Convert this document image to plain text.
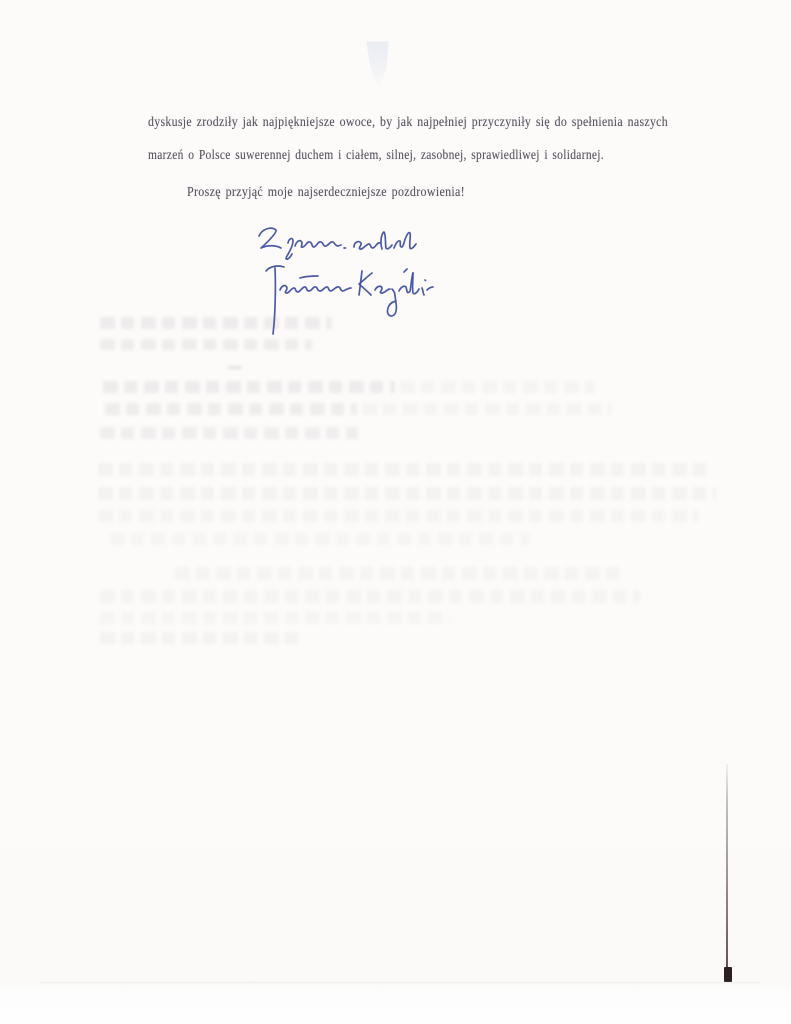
dyskusje zrodziły jak najpiękniejsze owoce, by jak najpełniej przyczyniły się do spełnienia naszych
marzeń o Polsce suwerennej duchem i ciałem, silnej, zasobnej, sprawiedliwej i solidarnej.
Proszę przyjąć moje najserdeczniejsze pozdrowienia!
